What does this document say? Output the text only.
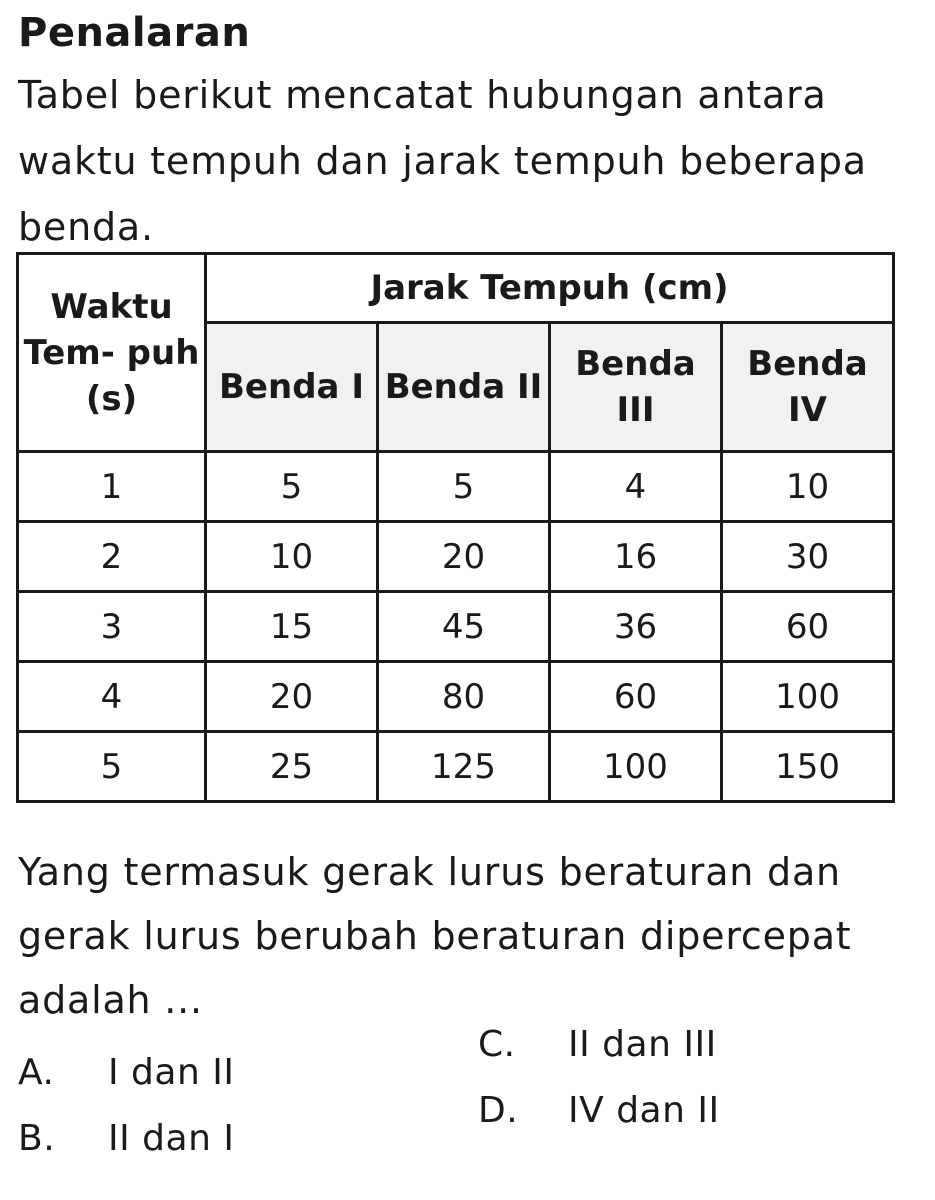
Penalaran
Tabel berikut mencatat hubungan antara waktu tempuh dan jarak tempuh beberapa benda.
Waktu Tem- puh (s)	Jarak Tempuh (cm)			
	Benda I	Benda II	Benda III	Benda IV
1	5	5	4	10
2	10	20	16	30
3	15	45	36	60
4	20	80	60	100
5	25	125	100	150
Yang termasuk gerak lurus beraturan dan gerak lurus berubah beraturan dipercepat adalah ...
A. I dan II
B. II dan I
C. II dan III
D. IV dan II
